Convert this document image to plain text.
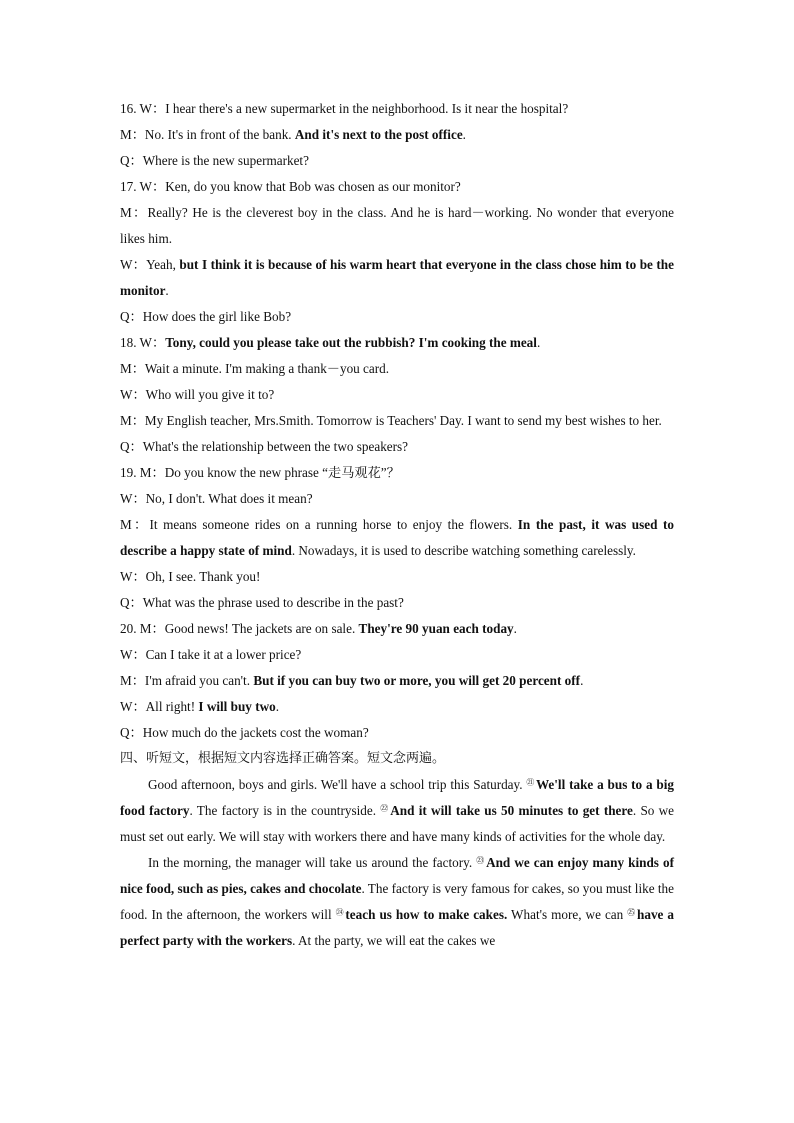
16. W：I hear there's a new supermarket in the neighborhood. Is it near the hospital?

M：No. It's in front of the bank. And it's next to the post office.

Q：Where is the new supermarket?

17. W：Ken, do you know that Bob was chosen as our monitor?

M：Really? He is the cleverest boy in the class. And he is hard－working. No wonder that everyone likes him.

W：Yeah, but I think it is because of his warm heart that everyone in the class chose him to be the monitor.

Q：How does the girl like Bob?

18. W：Tony, could you please take out the rubbish? I'm cooking the meal.

M：Wait a minute. I'm making a thank－you card.

W：Who will you give it to?

M：My English teacher, Mrs.Smith. Tomorrow is Teachers' Day. I want to send my best wishes to her.

Q：What's the relationship between the two speakers?

19. M：Do you know the new phrase “走马观花”？

W：No, I don't. What does it mean?

M：It means someone rides on a running horse to enjoy the flowers. In the past, it was used to describe a happy state of mind. Nowadays, it is used to describe watching something carelessly.

W：Oh, I see. Thank you!

Q：What was the phrase used to describe in the past?

20. M：Good news! The jackets are on sale. They're 90 yuan each today.

W：Can I take it at a lower price?

M：I'm afraid you can't. But if you can buy two or more, you will get 20 percent off.

W：All right! I will buy two.

Q：How much do the jackets cost the woman?

四、听短文，根据短文内容选择正确答案。短文念两遍。

Good afternoon, boys and girls. We'll have a school trip this Saturday. $^㉑$We'll take a bus to a big food factory. The factory is in the countryside. $^㉒$And it will take us 50 minutes to get there. So we must set out early. We will stay with workers there and have many kinds of activities for the whole day.

In the morning, the manager will take us around the factory. $^㉓$And we can enjoy many kinds of nice food, such as pies, cakes and chocolate. The factory is very famous for cakes, so you must like the food. In the afternoon, the workers will $^㉔$teach us how to make cakes. What's more, we can $^㉕$have a perfect party with the workers. At the party, we will eat the cakes we
